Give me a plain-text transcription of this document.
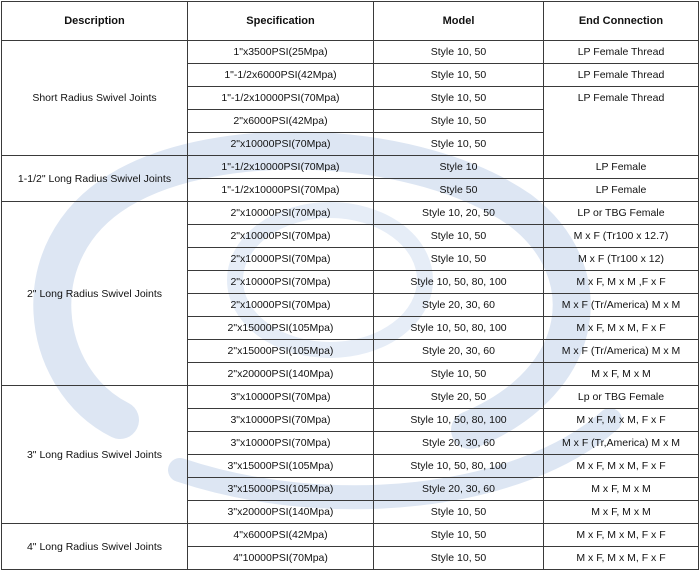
Description	Specification	Model	End Connection
Short Radius Swivel Joints	1"x3500PSI(25Mpa)	Style 10, 50	LP Female Thread
	1"-1/2x6000PSI(42Mpa)	Style 10, 50	LP Female Thread
	1"-1/2x10000PSI(70Mpa)	Style 10, 50	LP Female Thread
	2"x6000PSI(42Mpa)	Style 10, 50	
	2"x10000PSI(70Mpa)	Style 10, 50	
1-1/2" Long Radius Swivel Joints	1"-1/2x10000PSI(70Mpa)	Style 10	LP Female
	1"-1/2x10000PSI(70Mpa)	Style 50	LP Female
2" Long Radius Swivel Joints	2"x10000PSI(70Mpa)	Style 10, 20, 50	LP or TBG Female
	2"x10000PSI(70Mpa)	Style 10, 50	M x F (Tr100 x 12.7)
	2"x10000PSI(70Mpa)	Style 10, 50	M x F (Tr100 x 12)
	2"x10000PSI(70Mpa)	Style 10, 50, 80, 100	M x F, M x M ,F x F
	2"x10000PSI(70Mpa)	Style 20, 30, 60	M x F (Tr/America) M x M
	2"x15000PSI(105Mpa)	Style 10, 50, 80, 100	M x F, M x M, F x F
	2"x15000PSI(105Mpa)	Style 20, 30, 60	M x F (Tr/America) M x M
	2"x20000PSI(140Mpa)	Style 10, 50	M x F, M x M
3" Long Radius Swivel Joints	3"x10000PSI(70Mpa)	Style 20, 50	Lp or TBG Female
	3"x10000PSI(70Mpa)	Style 10, 50, 80, 100	M x F, M x M, F x F
	3"x10000PSI(70Mpa)	Style 20, 30, 60	M x F (Tr,America) M x M
	3"x15000PSI(105Mpa)	Style 10, 50, 80, 100	M x F, M x M, F x F
	3"x15000PSI(105Mpa)	Style 20, 30, 60	M x F, M x M
	3"x20000PSI(140Mpa)	Style 10, 50	M x F, M x M
4" Long Radius Swivel Joints	4"x6000PSI(42Mpa)	Style 10, 50	M x F, M x M, F x F
	4"10000PSI(70Mpa)	Style 10, 50	M x F, M x M, F x F
